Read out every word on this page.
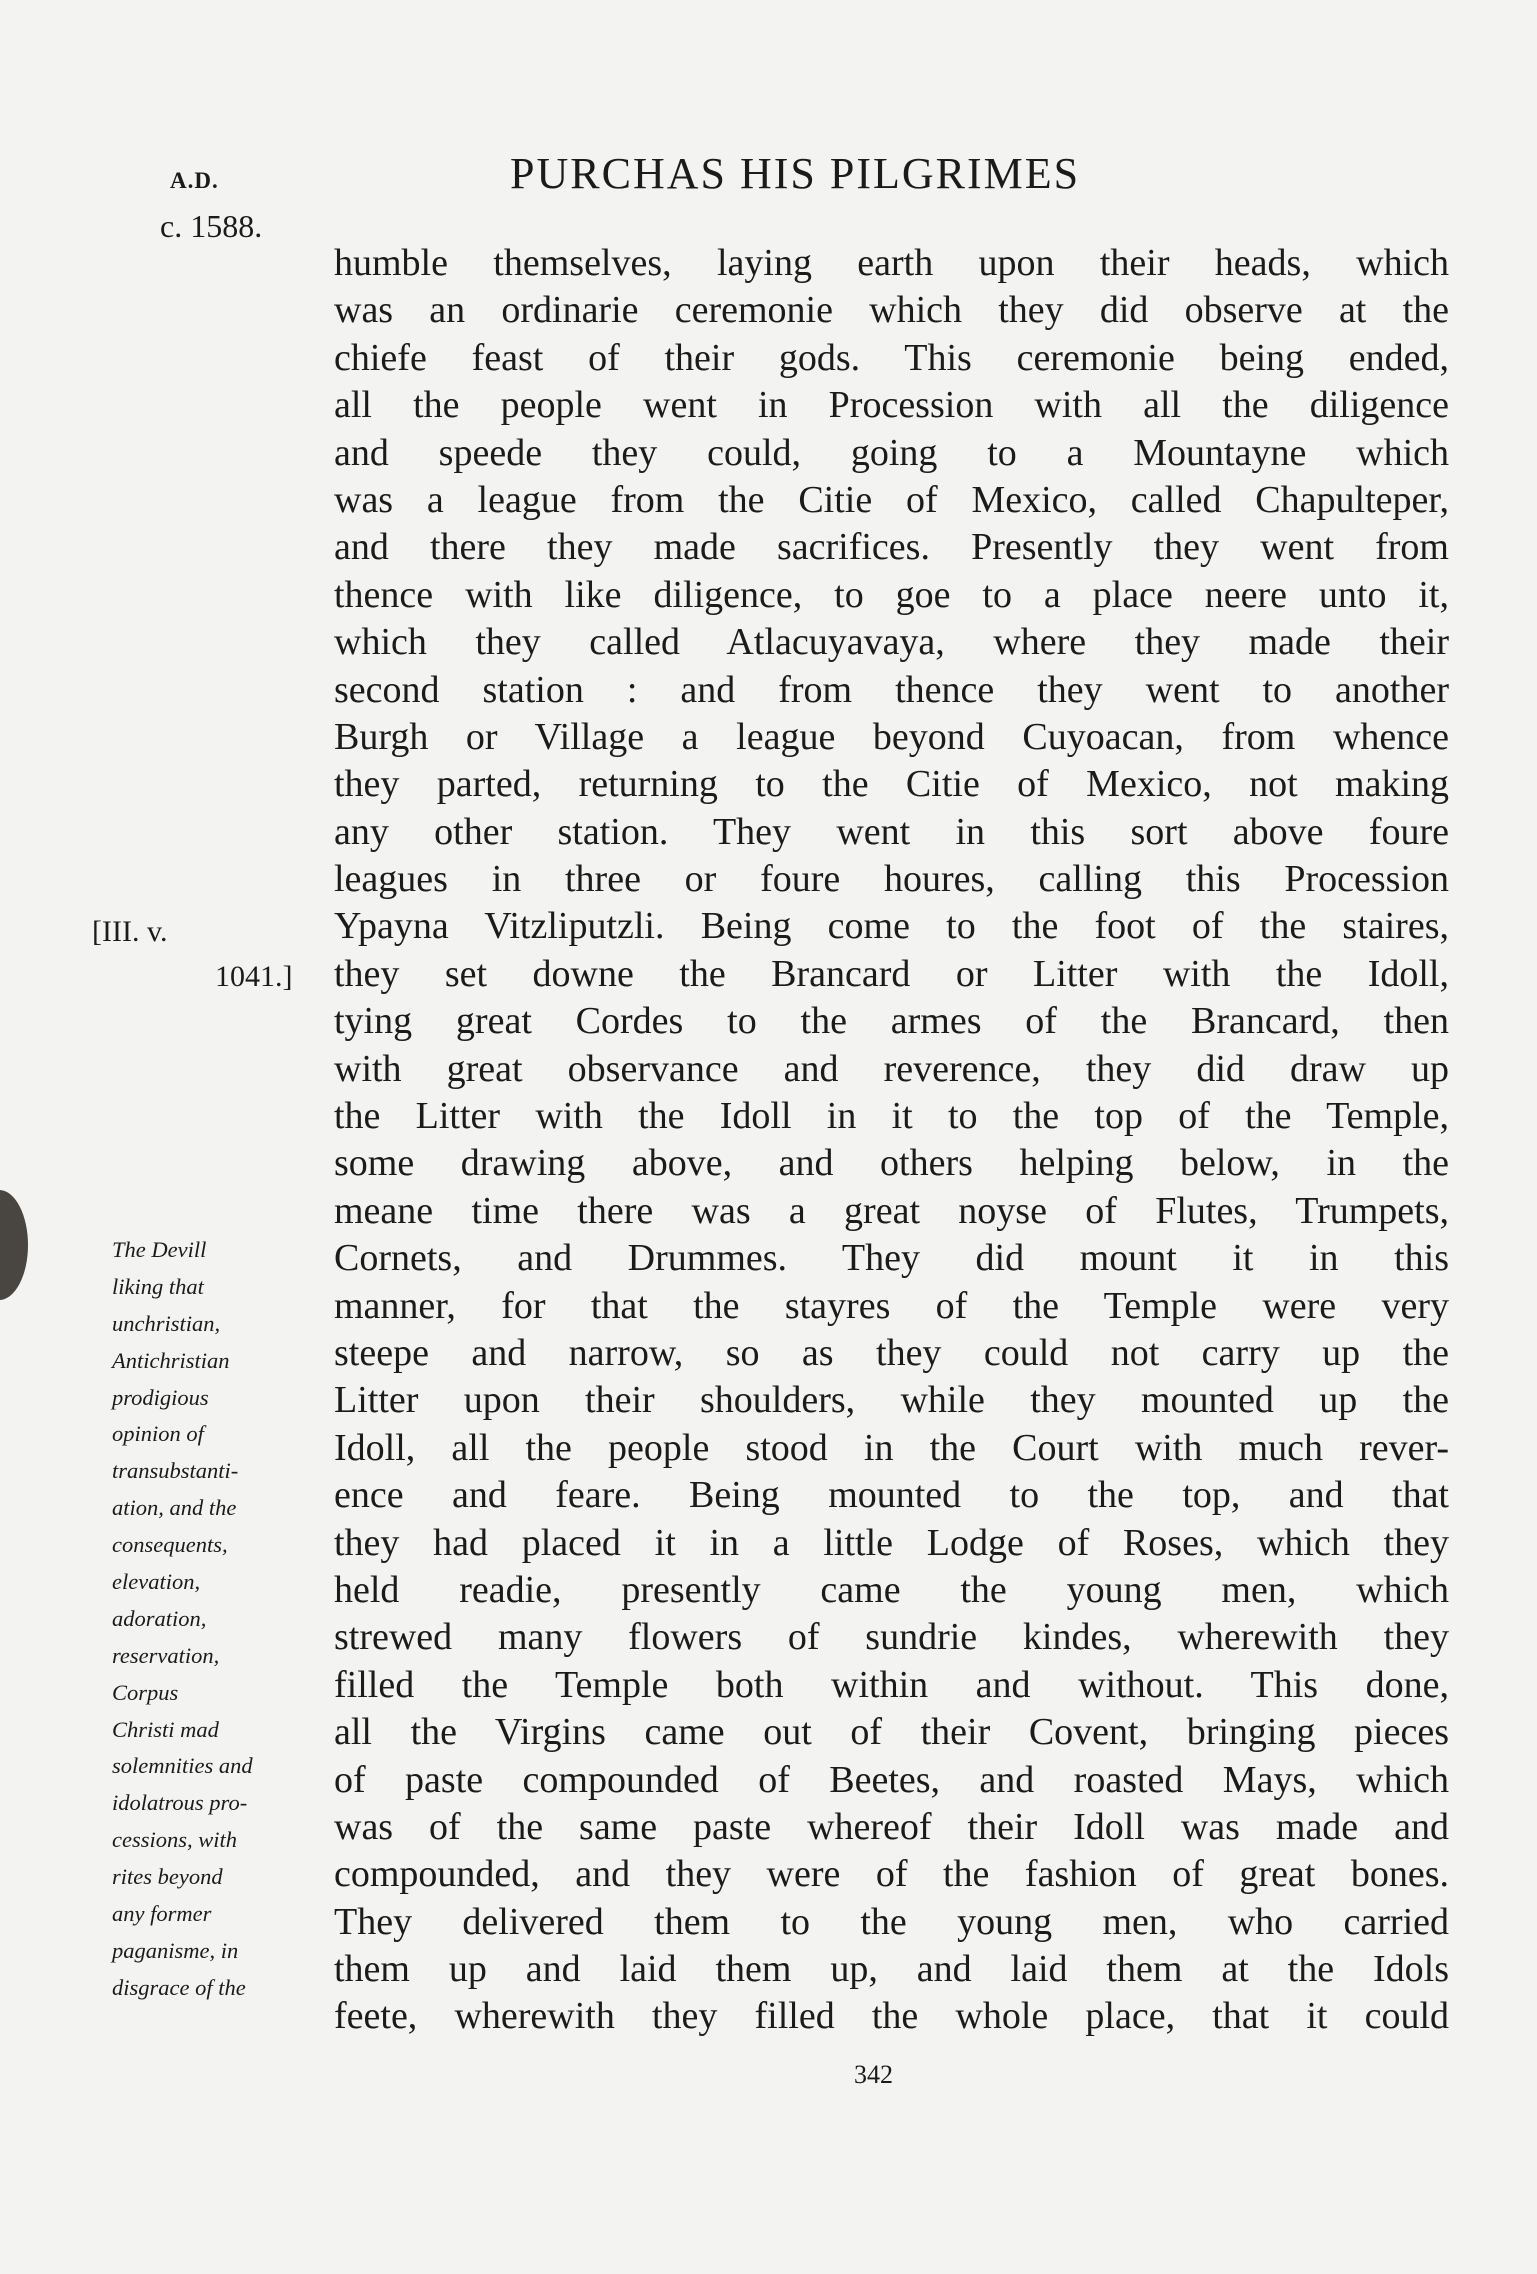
A.D.
c. 1588.
PURCHAS HIS PILGRIMES
[III. v.
1041.]
humble themselves, laying earth upon their heads, which
was an ordinarie ceremonie which they did observe at the
chiefe feast of their gods. This ceremonie being ended,
all the people went in Procession with all the diligence
and speede they could, going to a Mountayne which
was a league from the Citie of Mexico, called Chapulteper,
and there they made sacrifices. Presently they went from
thence with like diligence, to goe to a place neere unto it,
which they called Atlacuyavaya, where they made their
second station : and from thence they went to another
Burgh or Village a league beyond Cuyoacan, from whence
they parted, returning to the Citie of Mexico, not making
any other station. They went in this sort above foure
leagues in three or foure houres, calling this Procession
Ypayna Vitzliputzli. Being come to the foot of the staires,
they set downe the Brancard or Litter with the Idoll,
tying great Cordes to the armes of the Brancard, then
with great observance and reverence, they did draw up
the Litter with the Idoll in it to the top of the Temple,
some drawing above, and others helping below, in the
meane time there was a great noyse of Flutes, Trumpets,
Cornets, and Drummes. They did mount it in this
manner, for that the stayres of the Temple were very
steepe and narrow, so as they could not carry up the
Litter upon their shoulders, while they mounted up the
Idoll, all the people stood in the Court with much rever-
ence and feare. Being mounted to the top, and that
they had placed it in a little Lodge of Roses, which they
held readie, presently came the young men, which
strewed many flowers of sundrie kindes, wherewith they
filled the Temple both within and without. This done,
all the Virgins came out of their Covent, bringing pieces
of paste compounded of Beetes, and roasted Mays, which
was of the same paste whereof their Idoll was made and
compounded, and they were of the fashion of great bones.
They delivered them to the young men, who carried
them up and laid them up, and laid them at the Idols
feete, wherewith they filled the whole place, that it could
The Devill
liking that
unchristian,
Antichristian
prodigious
opinion of
transubstanti-
ation, and the
consequents,
elevation,
adoration,
reservation,
Corpus
Christi mad
solemnities and
idolatrous pro-
cessions, with
rites beyond
any former
paganisme, in
disgrace of the
342
